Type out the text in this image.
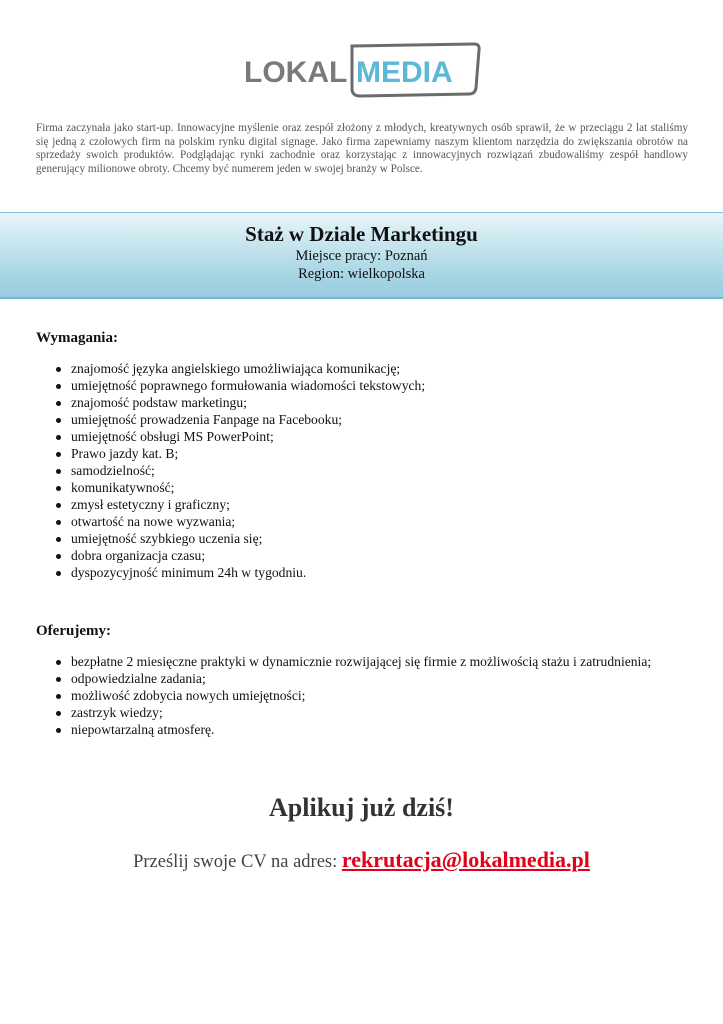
LOKAL MEDIA

Firma zaczynała jako start-up. Innowacyjne myślenie oraz zespół złożony z młodych, kreatywnych osób sprawił, że w przeciągu 2 lat staliśmy się jedną z czołowych firm na polskim rynku digital signage. Jako firma zapewniamy naszym klientom narzędzia do zwiększania obrotów na sprzedaży swoich produktów. Podglądając rynki zachodnie oraz korzystając z innowacyjnych rozwiązań zbudowaliśmy zespół handlowy generujący milionowe obroty. Chcemy być numerem jeden w swojej branży w Polsce.

Staż w Dziale Marketingu
Miejsce pracy: Poznań
Region: wielkopolska
Wymagania:
znajomość języka angielskiego umożliwiająca komunikację;
umiejętność poprawnego formułowania wiadomości tekstowych;
znajomość podstaw marketingu;
umiejętność prowadzenia Fanpage na Facebooku;
umiejętność obsługi MS PowerPoint;
Prawo jazdy kat. B;
samodzielność;
komunikatywność;
zmysł estetyczny i graficzny;
otwartość na nowe wyzwania;
umiejętność szybkiego uczenia się;
dobra organizacja czasu;
dyspozycyjność minimum 24h w tygodniu.
Oferujemy:
bezpłatne 2 miesięczne praktyki w dynamicznie rozwijającej się firmie z możliwością stażu i zatrudnienia;
odpowiedzialne zadania;
możliwość zdobycia nowych umiejętności;
zastrzyk wiedzy;
niepowtarzalną atmosferę.
Aplikuj już dziś!
Prześlij swoje CV na adres: rekrutacja@lokalmedia.pl
